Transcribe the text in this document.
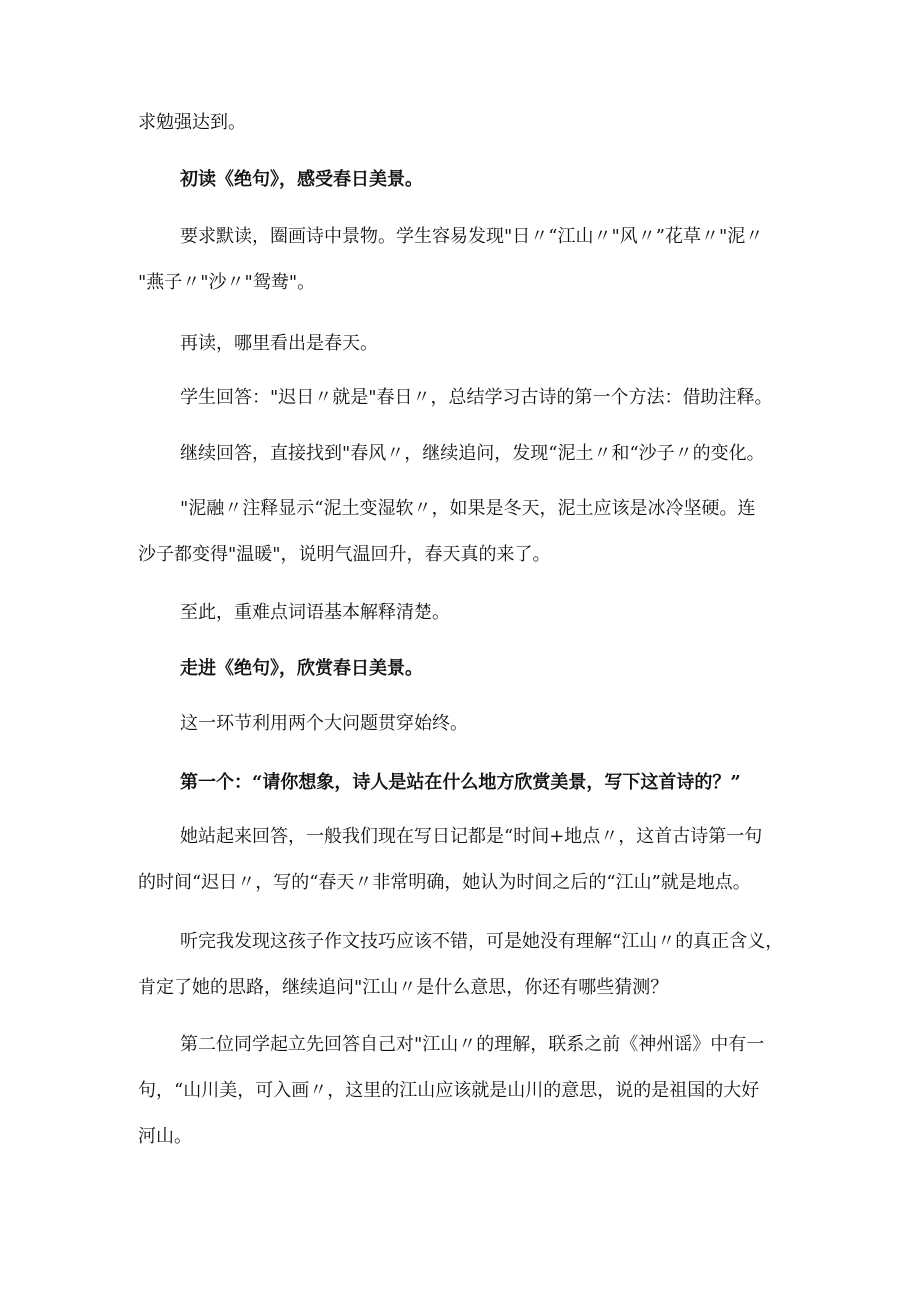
求勉强达到。

初读《绝句》，感受春日美景。

要求默读，圈画诗中景物。学生容易发现"日〃“江山〃"风〃”花草〃"泥〃
"燕子〃"沙〃"鸳鸯"。

再读，哪里看出是春天。

学生回答："迟日〃就是"春日〃，总结学习古诗的第一个方法：借助注释。

继续回答，直接找到"春风〃，继续追问，发现“泥土〃和“沙子〃的变化。

"泥融〃注释显示“泥土变湿软〃，如果是冬天，泥土应该是冰冷坚硬。连
沙子都变得"温暖"，说明气温回升，春天真的来了。

至此，重难点词语基本解释清楚。

走进《绝句》，欣赏春日美景。

这一环节利用两个大问题贯穿始终。

第一个：“请你想象，诗人是站在什么地方欣赏美景，写下这首诗的？”

她站起来回答，一般我们现在写日记都是“时间+地点〃，这首古诗第一句
的时间“迟日〃，写的“春天〃非常明确，她认为时间之后的“江山”就是地点。

听完我发现这孩子作文技巧应该不错，可是她没有理解“江山〃的真正含义，
肯定了她的思路，继续追问"江山〃是什么意思，你还有哪些猜测？

第二位同学起立先回答自己对"江山〃的理解，联系之前《神州谣》中有一
句，“山川美，可入画〃，这里的江山应该就是山川的意思，说的是祖国的大好
河山。
